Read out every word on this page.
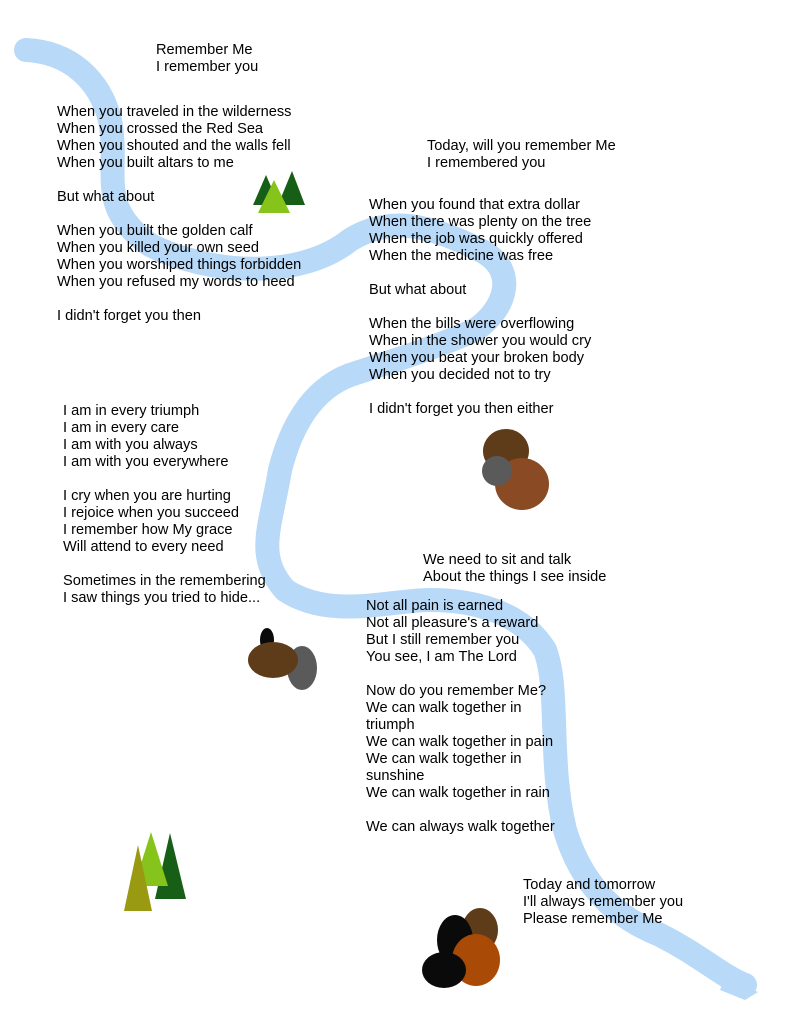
Remember Me
I remember you
When you traveled in the wilderness
When you crossed the Red Sea
When you shouted and the walls fell
When you built altars to me
But what about
When you built the golden calf
When you killed your own seed
When you worshiped things forbidden
When you refused my words to heed
I didn't forget you then
Today, will you remember Me
I remembered you
When you found that extra dollar
When there was plenty on the tree
When the job was quickly offered
When the medicine was free
But what about
When the bills were overflowing
When in the shower you would cry
When you beat your broken body
When you decided not to try
I didn't forget you then either
I am in every triumph
I am in every care
I am with you always
I am with you everywhere
I cry when you are hurting
I rejoice when you succeed
I remember how My grace
Will attend to every need
Sometimes in the remembering
I saw things you tried to hide...
We need to sit and talk
About the things I see inside
Not all pain is earned
Not all pleasure's a reward
But I still remember you
You see, I am The Lord
Now do you remember Me?
We can walk together in
triumph
We can walk together in pain
We can walk together in
sunshine
We can walk together in rain
We can always walk together
Today and tomorrow
I'll always remember you
Please remember Me
